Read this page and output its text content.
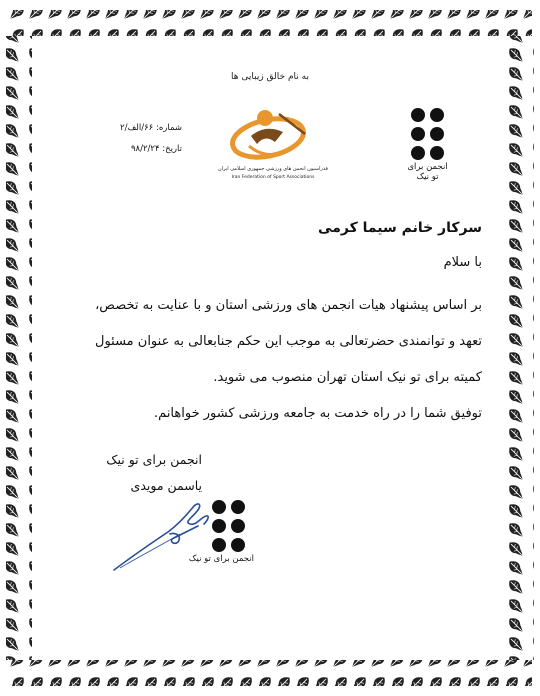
به نام خالق زیبایی ها
شماره: ۶۶/الف/۲
تاریخ: ۹۸/۲/۲۴
فدراسیون انجمن های ورزشی جمهوری اسلامی ایران
Iran Federation of Sport Associations
انجمن برای تو نیک
سرکار خانم سیما کرمی
با سلام

بر اساس پیشنهاد هیات انجمن های ورزشی استان و با عنایت به تخصص، تعهد و توانمندی حضرتعالی به موجب این حکم جنابعالی به عنوان مسئول کمیته برای تو نیک استان تهران منصوب می شوید.

توفیق شما را در راه خدمت به جامعه ورزشی کشور خواهانم.

انجمن برای تو نیک
یاسمن مویدی
انجمن برای تو نیک
